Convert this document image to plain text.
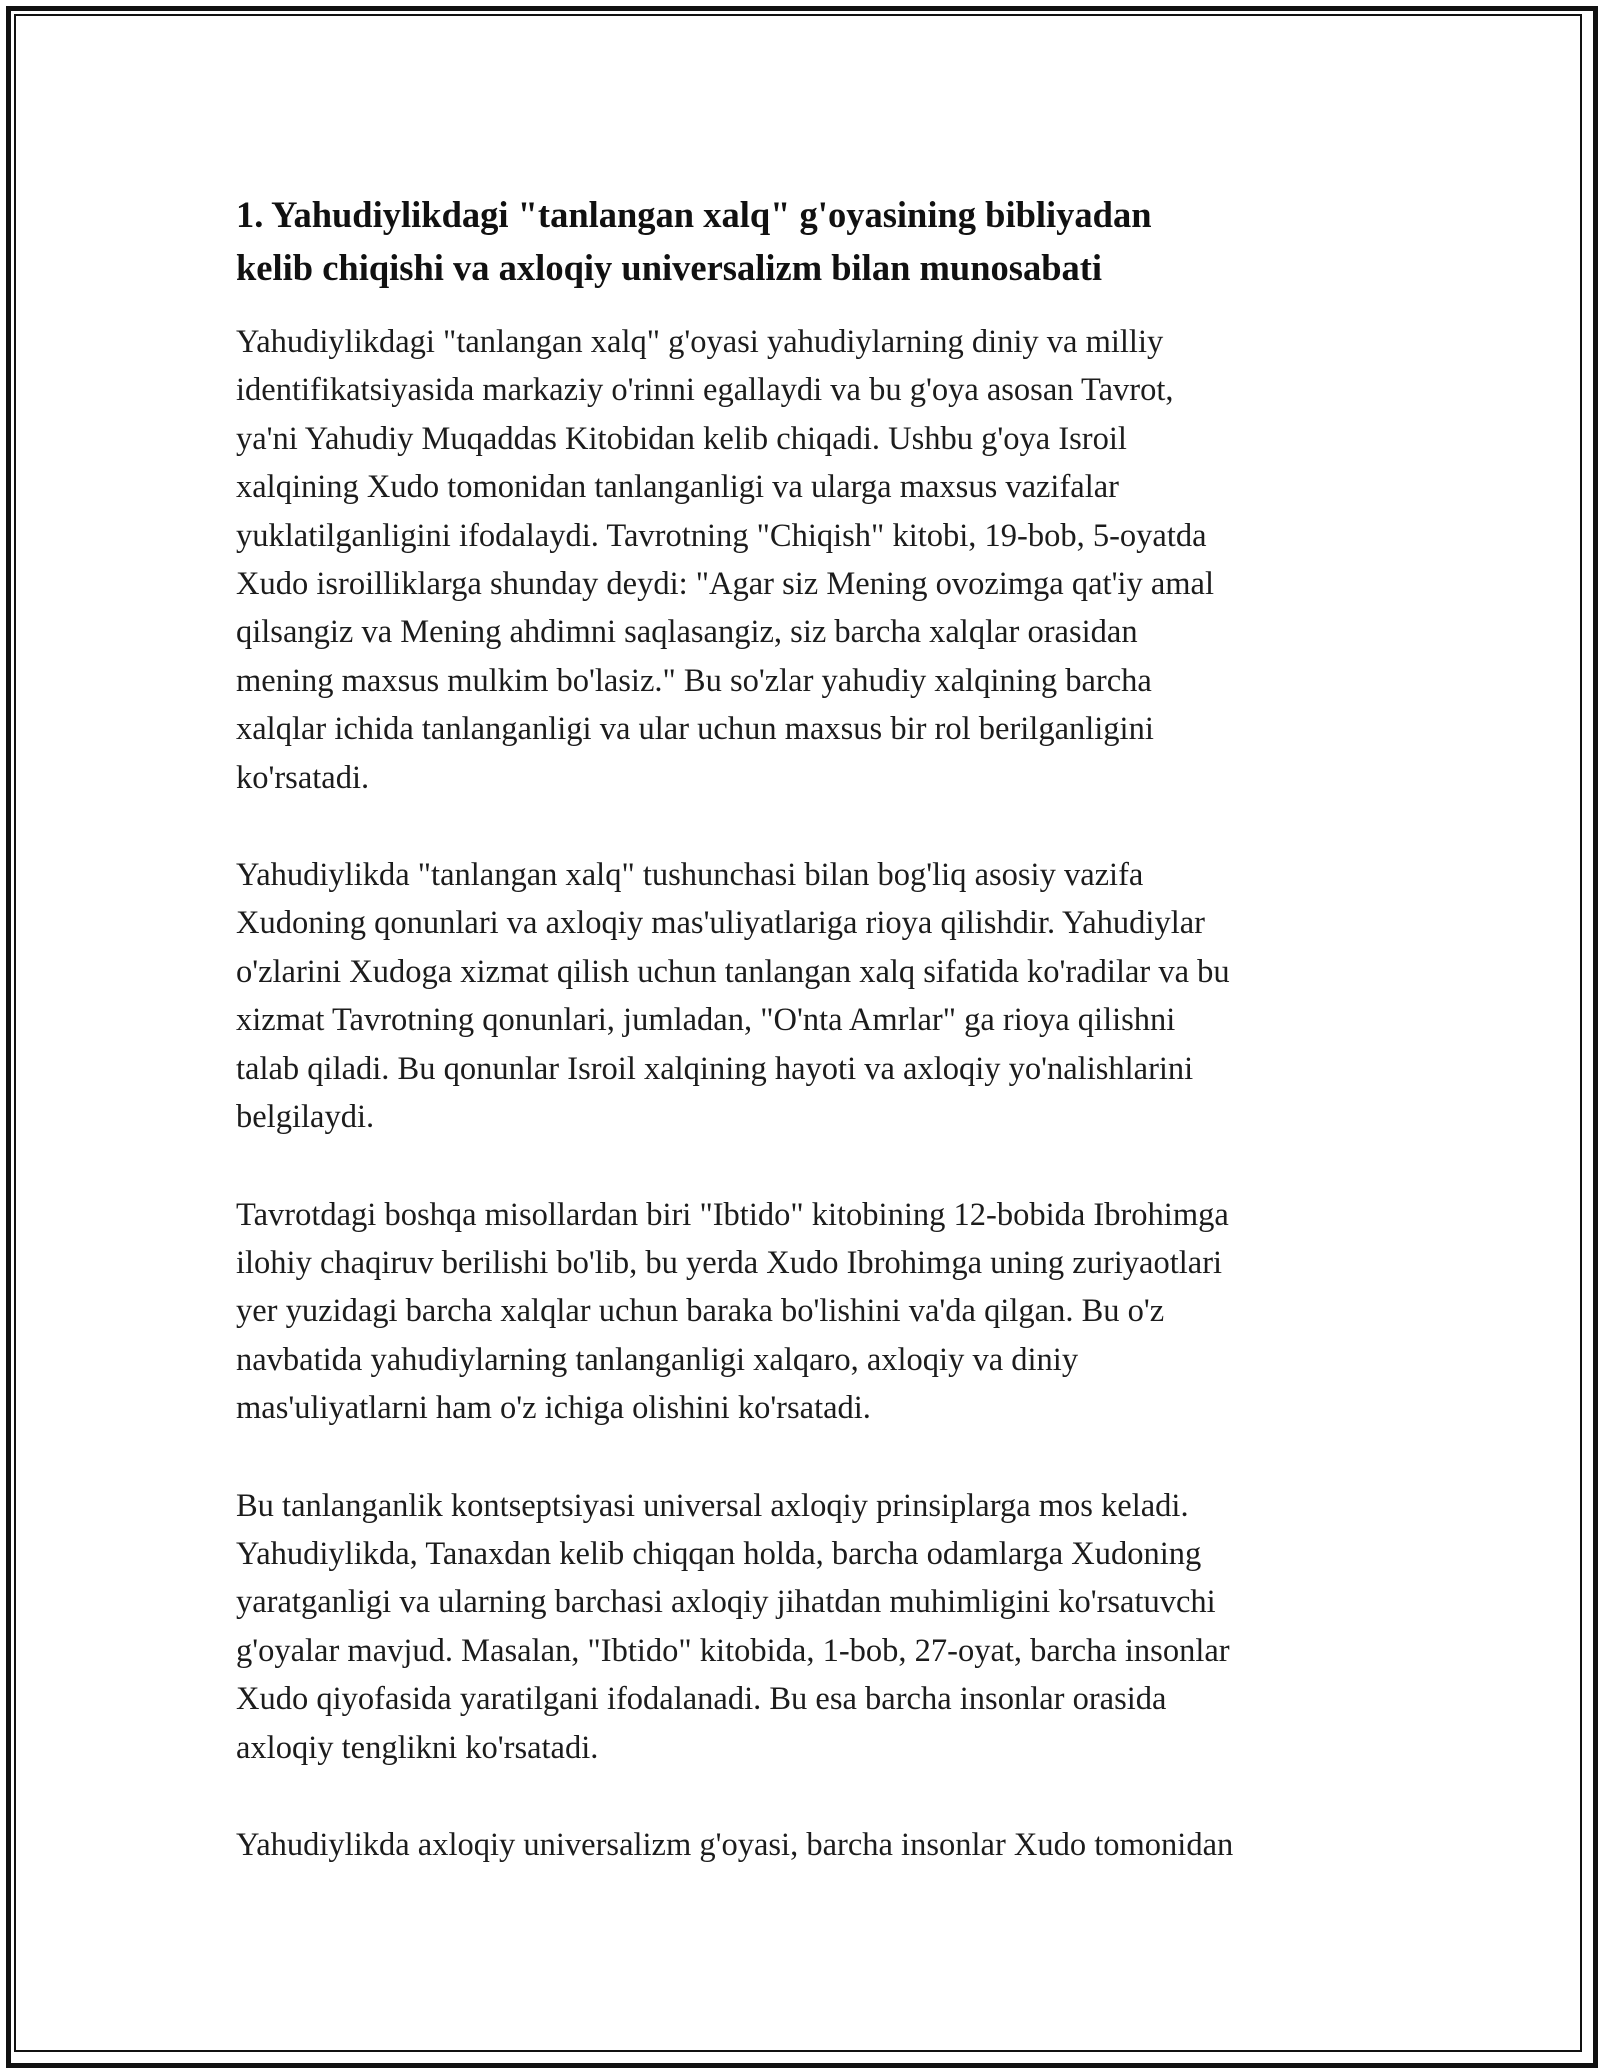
1. Yahudiylikdagi "tanlangan xalq" g'oyasining bibliyadan
kelib chiqishi va axloqiy universalizm bilan munosabati

Yahudiylikdagi "tanlangan xalq" g'oyasi yahudiylarning diniy va milliy
identifikatsiyasida markaziy o'rinni egallaydi va bu g'oya asosan Tavrot,
ya'ni Yahudiy Muqaddas Kitobidan kelib chiqadi. Ushbu g'oya Isroil
xalqining Xudo tomonidan tanlanganligi va ularga maxsus vazifalar
yuklatilganligini ifodalaydi. Tavrotning "Chiqish" kitobi, 19-bob, 5-oyatda
Xudo isroilliklarga shunday deydi: "Agar siz Mening ovozimga qat'iy amal
qilsangiz va Mening ahdimni saqlasangiz, siz barcha xalqlar orasidan
mening maxsus mulkim bo'lasiz." Bu so'zlar yahudiy xalqining barcha
xalqlar ichida tanlanganligi va ular uchun maxsus bir rol berilganligini
ko'rsatadi.

Yahudiylikda "tanlangan xalq" tushunchasi bilan bog'liq asosiy vazifa
Xudoning qonunlari va axloqiy mas'uliyatlariga rioya qilishdir. Yahudiylar
o'zlarini Xudoga xizmat qilish uchun tanlangan xalq sifatida ko'radilar va bu
xizmat Tavrotning qonunlari, jumladan, "O'nta Amrlar" ga rioya qilishni
talab qiladi. Bu qonunlar Isroil xalqining hayoti va axloqiy yo'nalishlarini
belgilaydi.

Tavrotdagi boshqa misollardan biri "Ibtido" kitobining 12-bobida Ibrohimga
ilohiy chaqiruv berilishi bo'lib, bu yerda Xudo Ibrohimga uning zuriyaotlari
yer yuzidagi barcha xalqlar uchun baraka bo'lishini va'da qilgan. Bu o'z
navbatida yahudiylarning tanlanganligi xalqaro, axloqiy va diniy
mas'uliyatlarni ham o'z ichiga olishini ko'rsatadi.

Bu tanlanganlik kontseptsiyasi universal axloqiy prinsiplarga mos keladi.
Yahudiylikda, Tanaxdan kelib chiqqan holda, barcha odamlarga Xudoning
yaratganligi va ularning barchasi axloqiy jihatdan muhimligini ko'rsatuvchi
g'oyalar mavjud. Masalan, "Ibtido" kitobida, 1-bob, 27-oyat, barcha insonlar
Xudo qiyofasida yaratilgani ifodalanadi. Bu esa barcha insonlar orasida
axloqiy tenglikni ko'rsatadi.

Yahudiylikda axloqiy universalizm g'oyasi, barcha insonlar Xudo tomonidan
